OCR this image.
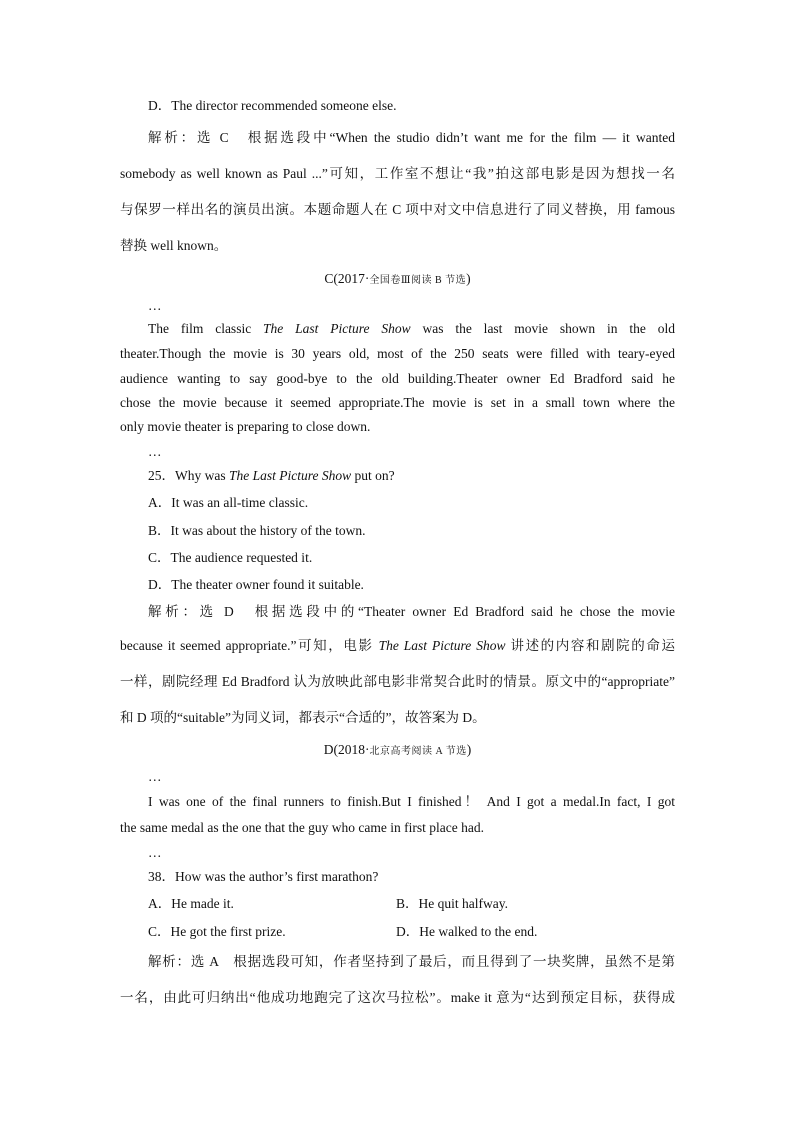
D．The director recommended someone else.
解析：选 C　根据选段中“When the studio didn’t want me for the film — it wanted
somebody as well known as Paul ...”可知，工作室不想让“我”拍这部电影是因为想找一名
与保罗一样出名的演员出演。本题命题人在 C 项中对文中信息进行了同义替换，用 famous
替换 well known。
C(2017·全国卷Ⅲ阅读 B 节选)
…
The film classic The Last Picture Show was the last movie shown in the old
theater.Though the movie is 30 years old, most of the 250 seats were filled with teary-eyed
audience wanting to say good-bye to the old building.Theater owner Ed Bradford said he
chose the movie because it seemed appropriate.The movie is set in a small town where the
only movie theater is preparing to close down.
…
25．Why was The Last Picture Show put on?
A．It was an all-time classic.
B．It was about the history of the town.
C．The audience requested it.
D．The theater owner found it suitable.
解析：选 D　根据选段中的“Theater owner Ed Bradford said he chose the movie
because it seemed appropriate.”可知，电影 The Last Picture Show 讲述的内容和剧院的命运
一样，剧院经理 Ed Bradford 认为放映此部电影非常契合此时的情景。原文中的“appropriate”
和 D 项的“suitable”为同义词，都表示“合适的”，故答案为 D。
D(2018·北京高考阅读 A 节选)
…
I was one of the final runners to finish.But I finished！ And I got a medal.In fact, I got
the same medal as the one that the guy who came in first place had.
…
38．How was the author’s first marathon?
A．He made it.	B．He quit halfway.
C．He got the first prize.	D．He walked to the end.
解析：选 A　根据选段可知，作者坚持到了最后，而且得到了一块奖牌，虽然不是第
一名，由此可归纳出“他成功地跑完了这次马拉松”。make it 意为“达到预定目标，获得成
